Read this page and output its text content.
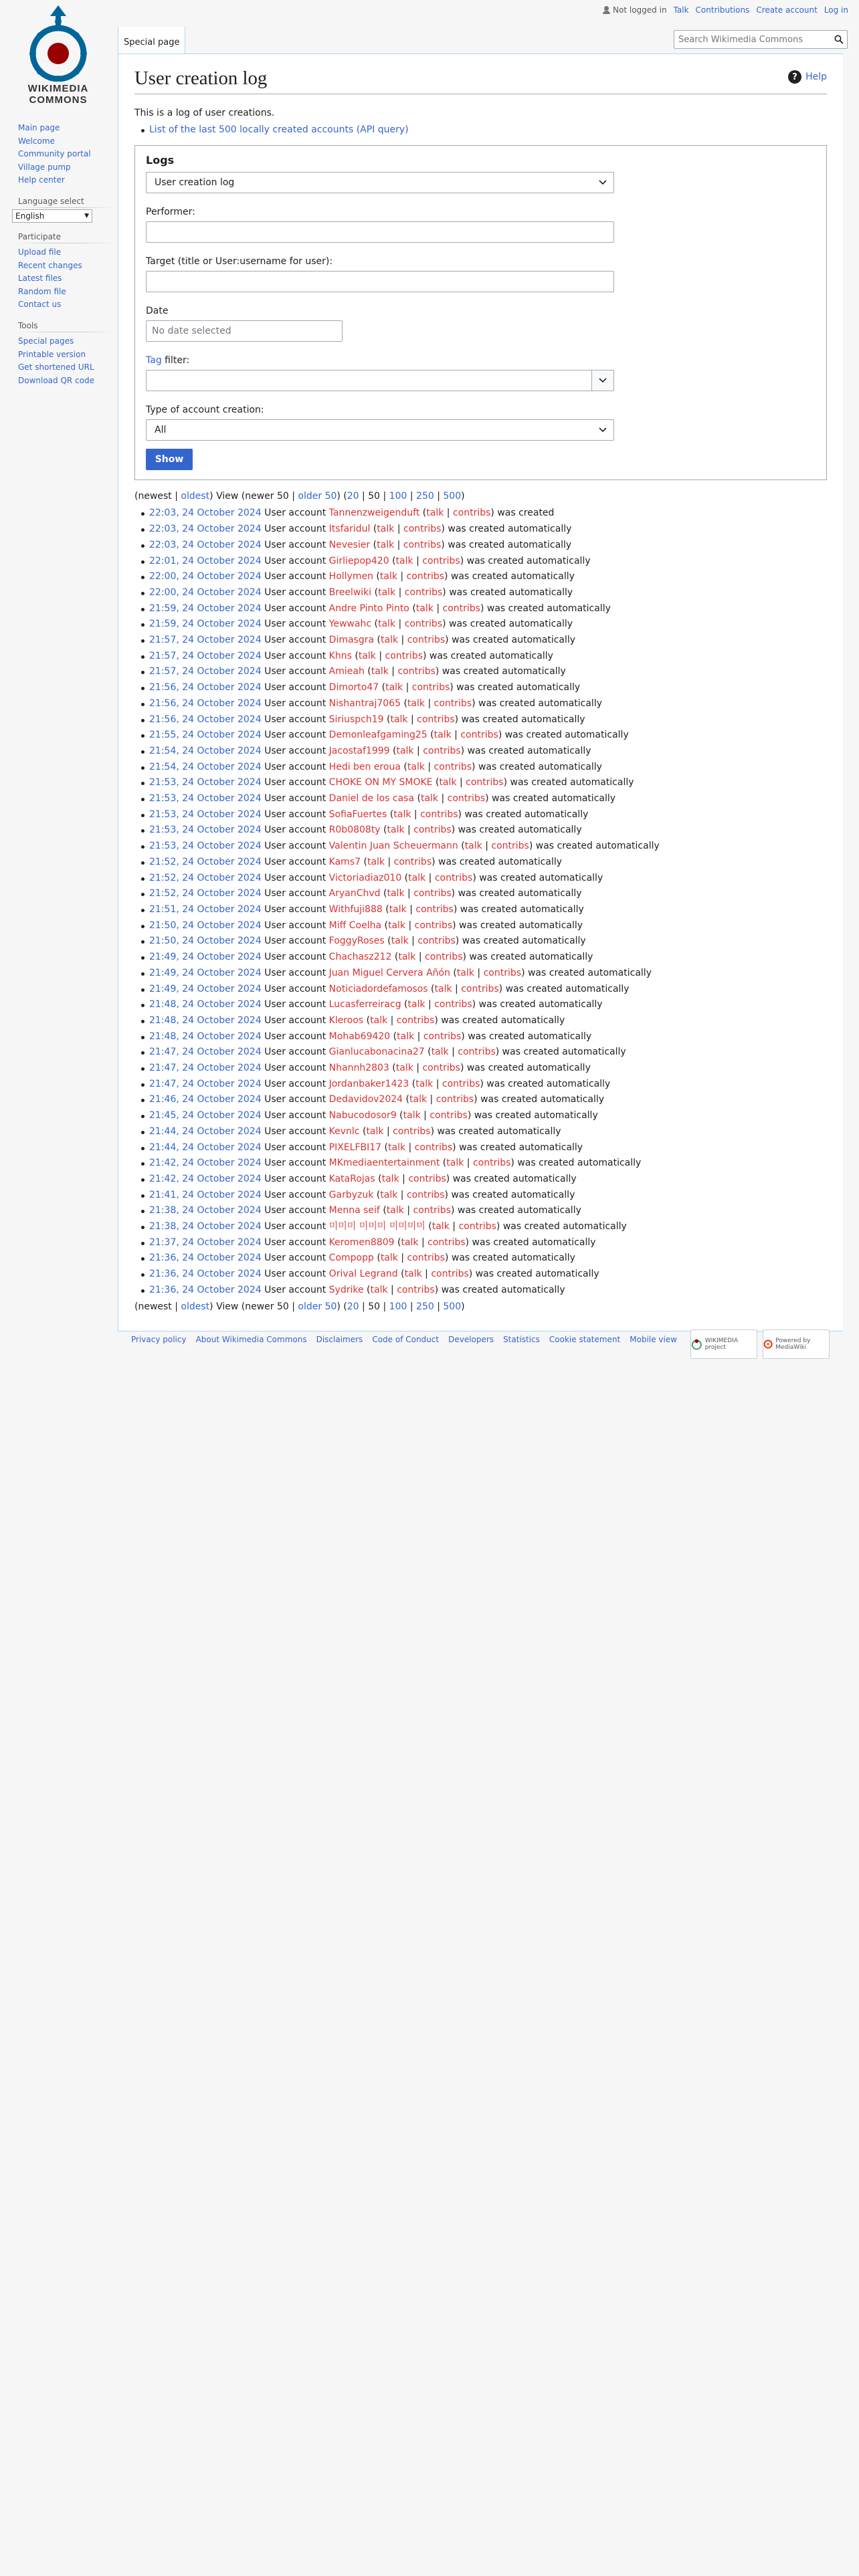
Not logged in Talk Contributions Create account Log in
WIKIMEDIA
COMMONS
Main page
Welcome
Community portal
Village pump
Help center
Language select
English	▼
Participate
Upload file
Recent changes
Latest files
Random file
Contact us
Tools
Special pages
Printable version
Get shortened URL
Download QR code
Special page
Search Wikimedia Commons
User creation log	? Help
This is a log of user creations.
List of the last 500 locally created accounts (API query)
Logs
User creation log
Performer:
Target (title or User:username for user):
Date
No date selected
Tag filter:
Type of account creation:
All
Show
(newest | oldest) View (newer 50 | older 50) (20 | 50 | 100 | 250 | 500)
22:03, 24 October 2024 User account Tannenzweigenduft (talk | contribs) was created
22:03, 24 October 2024 User account Itsfaridul (talk | contribs) was created automatically
22:03, 24 October 2024 User account Nevesier (talk | contribs) was created automatically
22:01, 24 October 2024 User account Girliepop420 (talk | contribs) was created automatically
22:00, 24 October 2024 User account Hollymen (talk | contribs) was created automatically
22:00, 24 October 2024 User account Breelwiki (talk | contribs) was created automatically
21:59, 24 October 2024 User account Andre Pinto Pinto (talk | contribs) was created automatically
21:59, 24 October 2024 User account Yewwahc (talk | contribs) was created automatically
21:57, 24 October 2024 User account Dimasgra (talk | contribs) was created automatically
21:57, 24 October 2024 User account Khns (talk | contribs) was created automatically
21:57, 24 October 2024 User account Amieah (talk | contribs) was created automatically
21:56, 24 October 2024 User account Dimorto47 (talk | contribs) was created automatically
21:56, 24 October 2024 User account Nishantraj7065 (talk | contribs) was created automatically
21:56, 24 October 2024 User account Siriuspch19 (talk | contribs) was created automatically
21:55, 24 October 2024 User account Demonleafgaming25 (talk | contribs) was created automatically
21:54, 24 October 2024 User account Jacostaf1999 (talk | contribs) was created automatically
21:54, 24 October 2024 User account Hedi ben eroua (talk | contribs) was created automatically
21:53, 24 October 2024 User account CHOKE ON MY SMOKE (talk | contribs) was created automatically
21:53, 24 October 2024 User account Daniel de los casa (talk | contribs) was created automatically
21:53, 24 October 2024 User account SofiaFuertes (talk | contribs) was created automatically
21:53, 24 October 2024 User account R0b0808ty (talk | contribs) was created automatically
21:53, 24 October 2024 User account Valentin Juan Scheuermann (talk | contribs) was created automatically
21:52, 24 October 2024 User account Kams7 (talk | contribs) was created automatically
21:52, 24 October 2024 User account Victoriadiaz010 (talk | contribs) was created automatically
21:52, 24 October 2024 User account AryanChvd (talk | contribs) was created automatically
21:51, 24 October 2024 User account Withfuji888 (talk | contribs) was created automatically
21:50, 24 October 2024 User account Miff Coelha (talk | contribs) was created automatically
21:50, 24 October 2024 User account FoggyRoses (talk | contribs) was created automatically
21:49, 24 October 2024 User account Chachasz212 (talk | contribs) was created automatically
21:49, 24 October 2024 User account Juan Miguel Cervera Añón (talk | contribs) was created automatically
21:49, 24 October 2024 User account Noticiadordefamosos (talk | contribs) was created automatically
21:48, 24 October 2024 User account Lucasferreiracg (talk | contribs) was created automatically
21:48, 24 October 2024 User account Kleroos (talk | contribs) was created automatically
21:48, 24 October 2024 User account Mohab69420 (talk | contribs) was created automatically
21:47, 24 October 2024 User account Gianlucabonacina27 (talk | contribs) was created automatically
21:47, 24 October 2024 User account Nhannh2803 (talk | contribs) was created automatically
21:47, 24 October 2024 User account Jordanbaker1423 (talk | contribs) was created automatically
21:46, 24 October 2024 User account Dedavidov2024 (talk | contribs) was created automatically
21:45, 24 October 2024 User account Nabucodosor9 (talk | contribs) was created automatically
21:44, 24 October 2024 User account Kevnlc (talk | contribs) was created automatically
21:44, 24 October 2024 User account PIXELFBI17 (talk | contribs) was created automatically
21:42, 24 October 2024 User account MKmediaentertainment (talk | contribs) was created automatically
21:42, 24 October 2024 User account KataRojas (talk | contribs) was created automatically
21:41, 24 October 2024 User account Garbyzuk (talk | contribs) was created automatically
21:38, 24 October 2024 User account Menna seif (talk | contribs) was created automatically
21:38, 24 October 2024 User account 미미미 미미미 미미미미 (talk | contribs) was created automatically
21:37, 24 October 2024 User account Keromen8809 (talk | contribs) was created automatically
21:36, 24 October 2024 User account Compopp (talk | contribs) was created automatically
21:36, 24 October 2024 User account Orival Legrand (talk | contribs) was created automatically
21:36, 24 October 2024 User account Sydrike (talk | contribs) was created automatically
(newest | oldest) View (newer 50 | older 50) (20 | 50 | 100 | 250 | 500)
Privacy policy About Wikimedia Commons Disclaimers Code of Conduct Developers Statistics Cookie statement Mobile view	WIKIMEDIA project
Powered by MediaWiki
